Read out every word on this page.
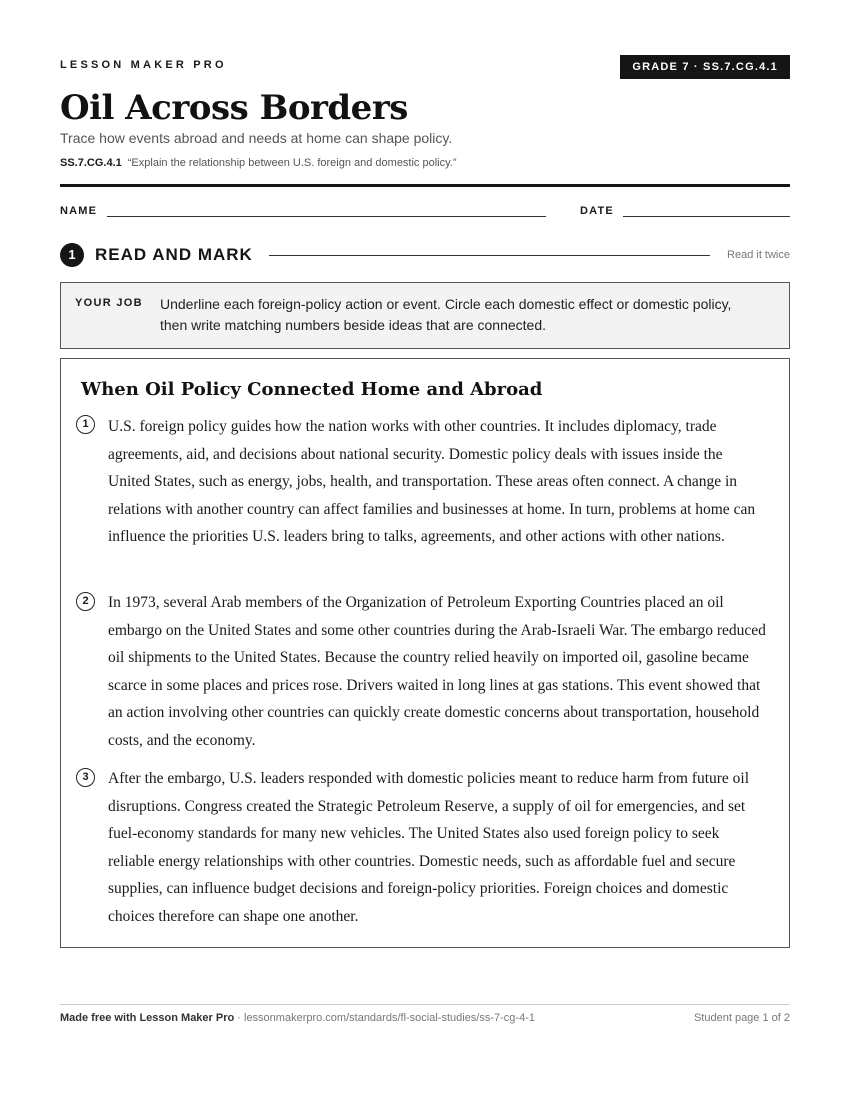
LESSON MAKER PRO	GRADE 7 · SS.7.CG.4.1
Oil Across Borders
Trace how events abroad and needs at home can shape policy.
SS.7.CG.4.1 “Explain the relationship between U.S. foreign and domestic policy.”
NAME	DATE
1	READ AND MARK	Read it twice
YOUR JOB Underline each foreign-policy action or event. Circle each domestic effect or domestic policy, then write matching numbers beside ideas that are connected.
When Oil Policy Connected Home and Abroad
1	U.S. foreign policy guides how the nation works with other countries. It includes diplomacy, trade agreements, aid, and decisions about national security. Domestic policy deals with issues inside the United States, such as energy, jobs, health, and transportation. These areas often connect. A change in relations with another country can affect families and businesses at home. In turn, problems at home can influence the priorities U.S. leaders bring to talks, agreements, and other actions with other nations.

2	In 1973, several Arab members of the Organization of Petroleum Exporting Countries placed an oil embargo on the United States and some other countries during the Arab-Israeli War. The embargo reduced oil shipments to the United States. Because the country relied heavily on imported oil, gasoline became scarce in some places and prices rose. Drivers waited in long lines at gas stations. This event showed that an action involving other countries can quickly create domestic concerns about transportation, household costs, and the economy.

3	After the embargo, U.S. leaders responded with domestic policies meant to reduce harm from future oil disruptions. Congress created the Strategic Petroleum Reserve, a supply of oil for emergencies, and set fuel-economy standards for many new vehicles. The United States also used foreign policy to seek reliable energy relationships with other countries. Domestic needs, such as affordable fuel and secure supplies, can influence budget decisions and foreign-policy priorities. Foreign choices and domestic choices therefore can shape one another.

Made free with Lesson Maker Pro · lessonmakerpro.com/standards/fl-social-studies/ss-7-cg-4-1	Student page 1 of 2
